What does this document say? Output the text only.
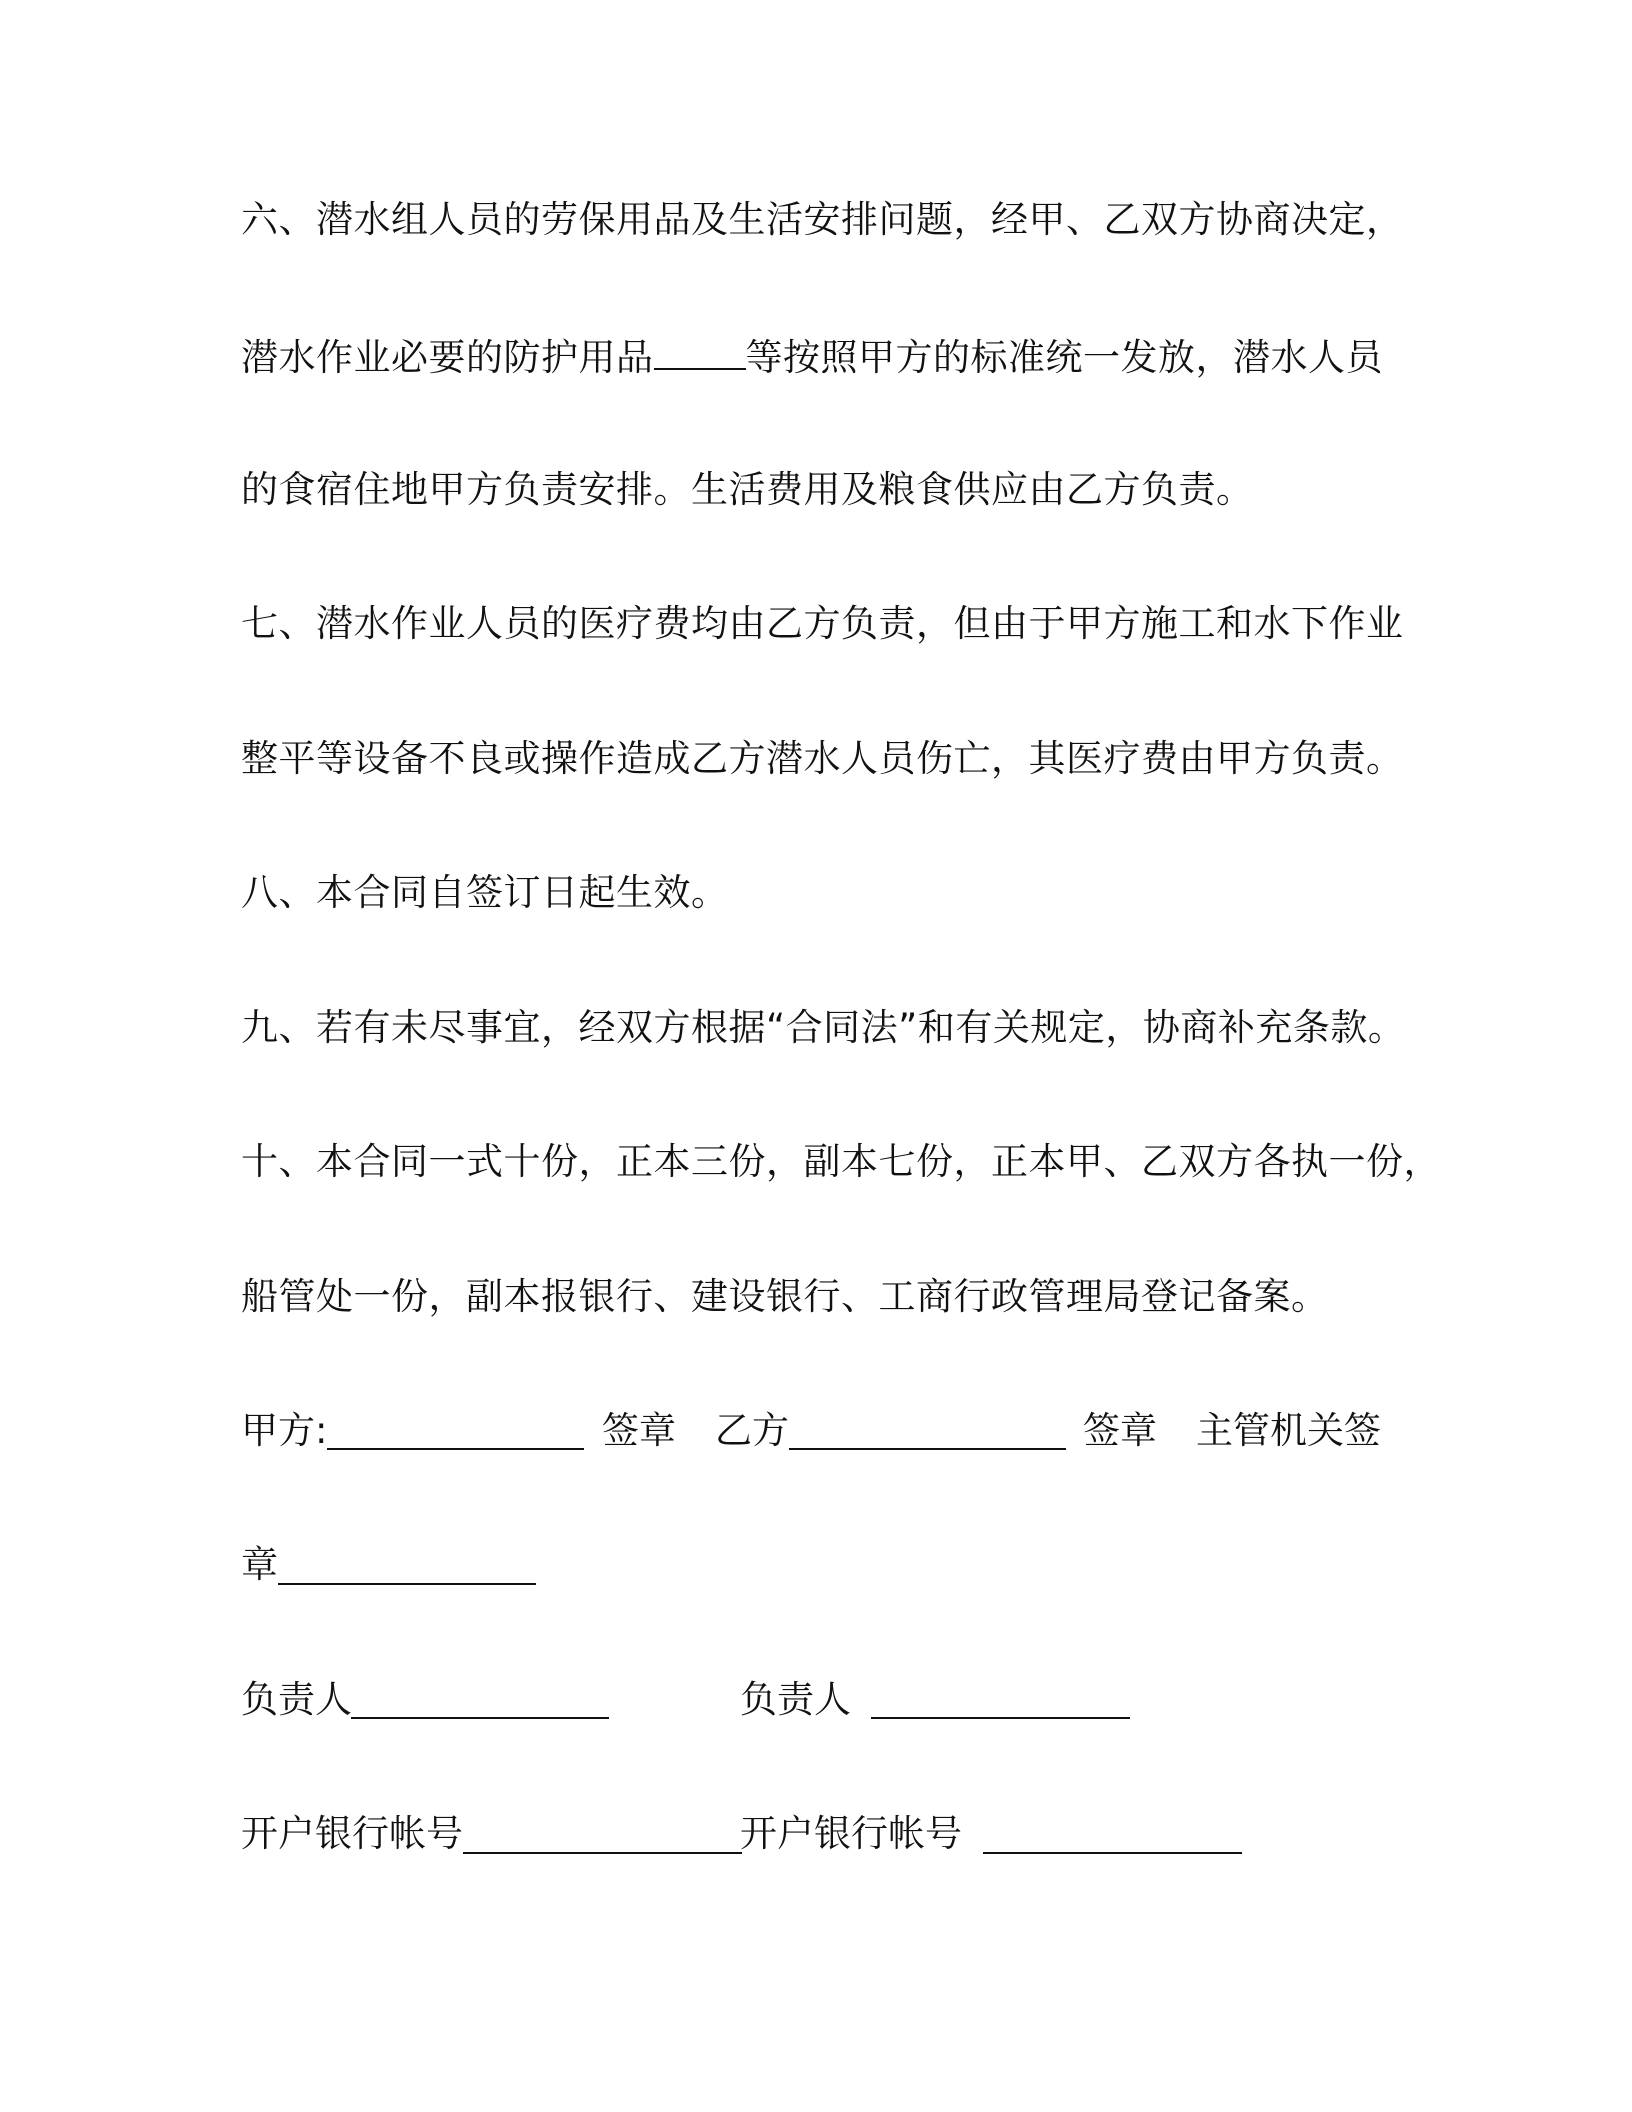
六、潜水组人员的劳保用品及生活安排问题，经甲、乙双方协商决定，
潜水作业必要的防护用品 等按照甲方的标准统一发放，潜水人员
的食宿住地甲方负责安排。生活费用及粮食供应由乙方负责。
七、潜水作业人员的医疗费均由乙方负责，但由于甲方施工和水下作业
整平等设备不良或操作造成乙方潜水人员伤亡，其医疗费由甲方负责。
八、本合同自签订日起生效。
九、若有未尽事宜，经双方根据“合同法”和有关规定，协商补充条款。
十、本合同一式十份，正本三份，副本七份，正本甲、乙双方各执一份，
船管处一份，副本报银行、建设银行、工商行政管理局登记备案。
甲方:	签章 乙方	签章 主管机关签
章
负责人	负责人
开户银行帐号	开户银行帐号
